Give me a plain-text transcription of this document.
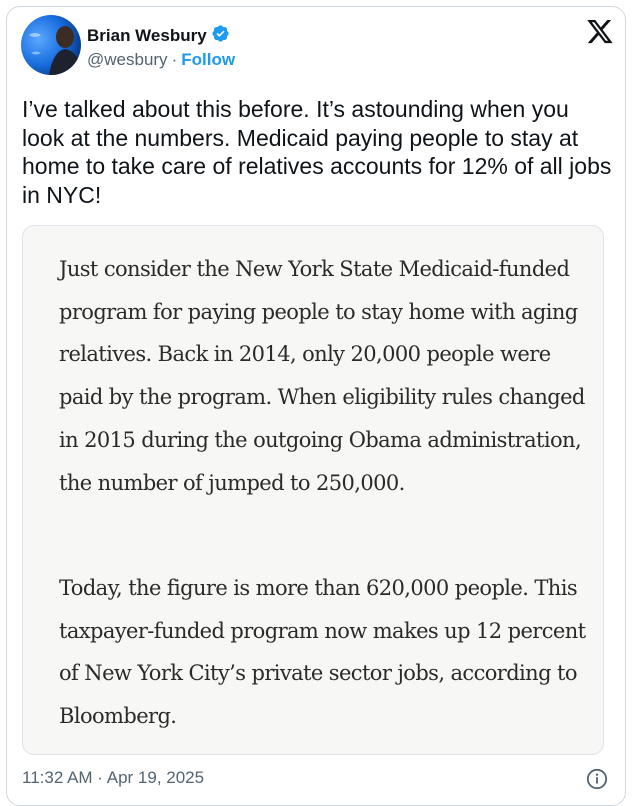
Brian Wesbury
@wesbury · Follow

I’ve talked about this before. It’s astounding when you look at the numbers. Medicaid paying people to stay at home to take care of relatives accounts for 12% of all jobs in NYC!

Just consider the New York State Medicaid-funded program for paying people to stay home with aging relatives. Back in 2014, only 20,000 people were paid by the program. When eligibility rules changed in 2015 during the outgoing Obama administration, the number of jumped to 250,000.

Today, the figure is more than 620,000 people. This taxpayer-funded program now makes up 12 percent of New York City’s private sector jobs, according to Bloomberg.

11:32 AM · Apr 19, 2025
